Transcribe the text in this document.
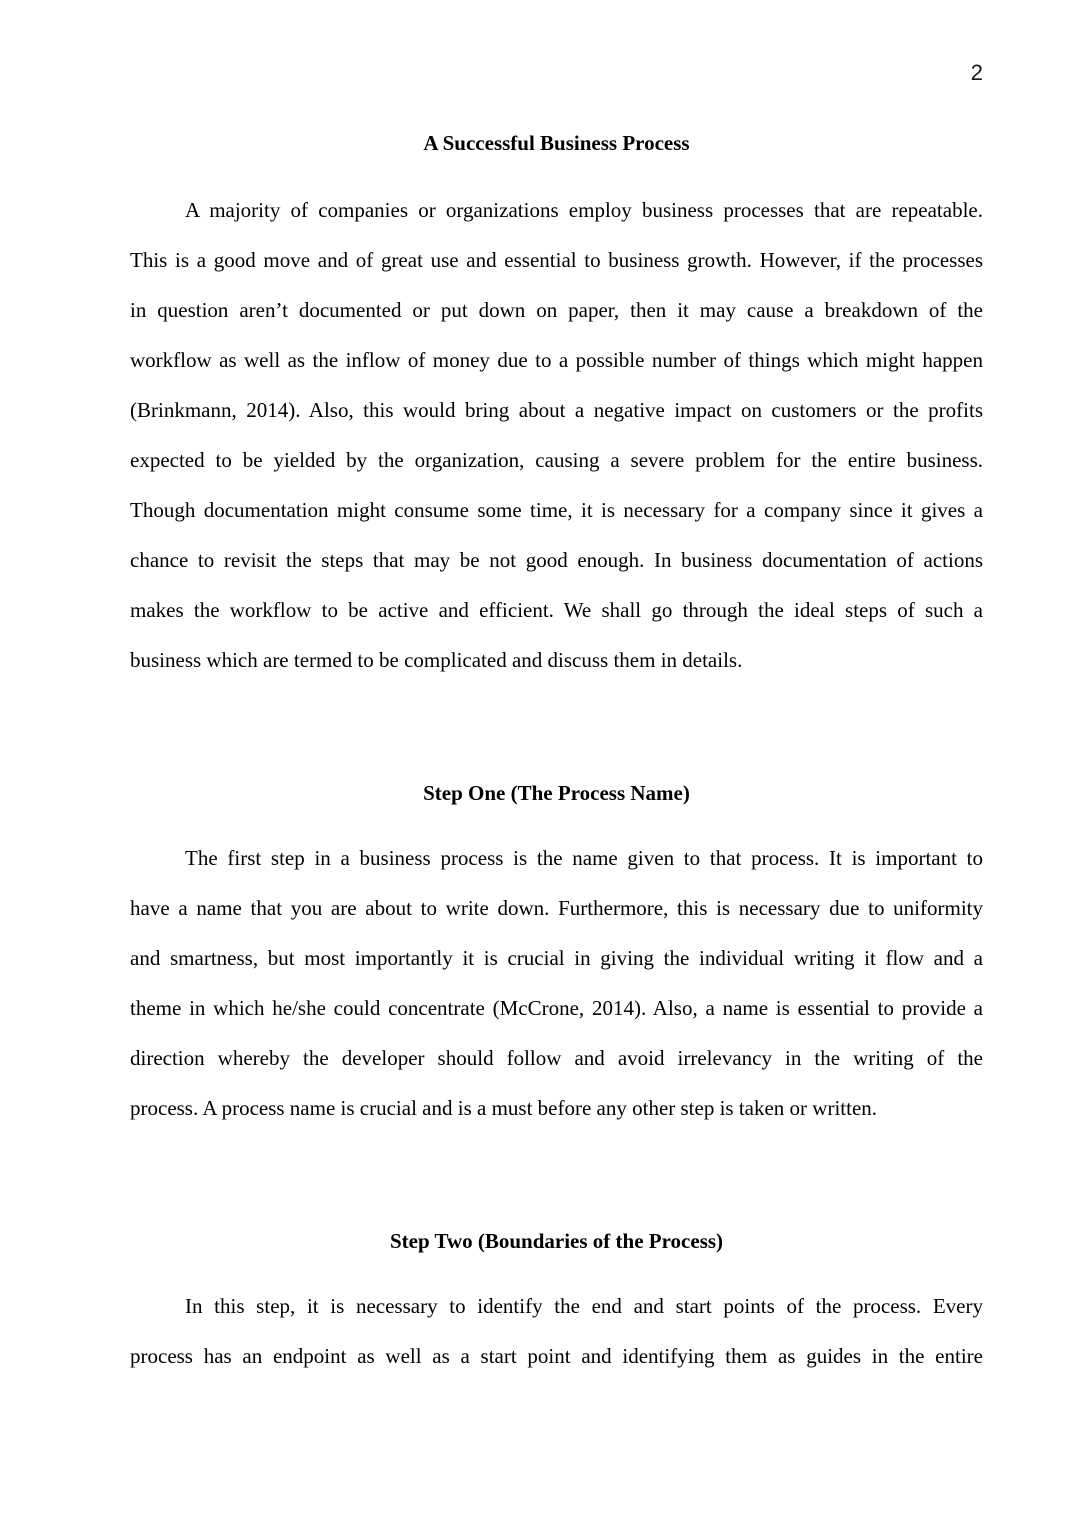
2
A Successful Business Process
A majority of companies or organizations employ business processes that are repeatable.
This is a good move and of great use and essential to business growth. However, if the processes
in question aren’t documented or put down on paper, then it may cause a breakdown of the
workflow as well as the inflow of money due to a possible number of things which might happen
(Brinkmann, 2014). Also, this would bring about a negative impact on customers or the profits
expected to be yielded by the organization, causing a severe problem for the entire business.
Though documentation might consume some time, it is necessary for a company since it gives a
chance to revisit the steps that may be not good enough. In business documentation of actions
makes the workflow to be active and efficient. We shall go through the ideal steps of such a
business which are termed to be complicated and discuss them in details.
Step One (The Process Name)
The first step in a business process is the name given to that process. It is important to
have a name that you are about to write down. Furthermore, this is necessary due to uniformity
and smartness, but most importantly it is crucial in giving the individual writing it flow and a
theme in which he/she could concentrate (McCrone, 2014). Also, a name is essential to provide a
direction whereby the developer should follow and avoid irrelevancy in the writing of the
process. A process name is crucial and is a must before any other step is taken or written.
Step Two (Boundaries of the Process)
In this step, it is necessary to identify the end and start points of the process. Every
process has an endpoint as well as a start point and identifying them as guides in the entire
